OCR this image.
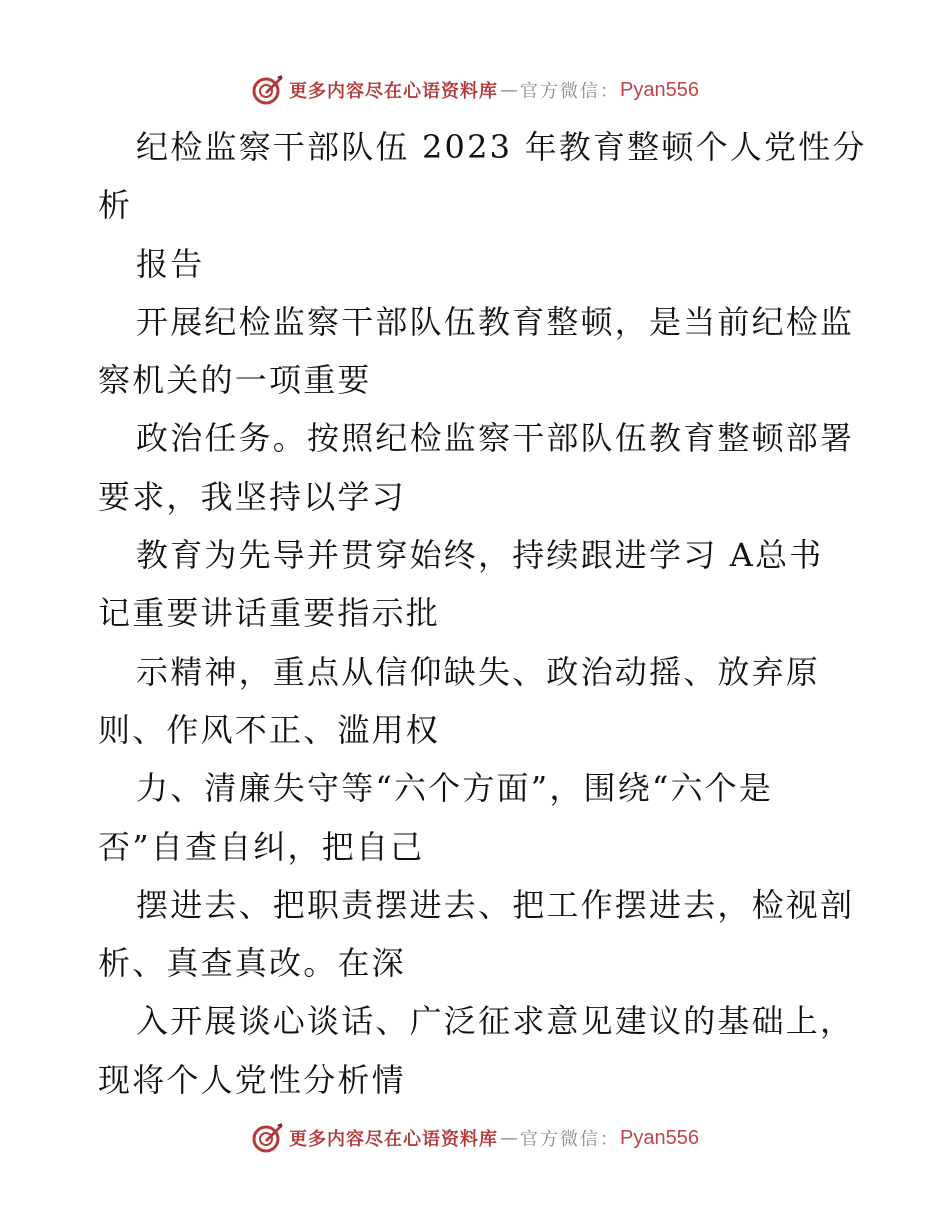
更多内容尽在心语资料库 — 官方微信： Pyan556
纪检监察干部队伍 2023 年教育整顿个人党性分
析
报告
开展纪检监察干部队伍教育整顿，是当前纪检监
察机关的一项重要
政治任务。按照纪检监察干部队伍教育整顿部署
要求，我坚持以学习
教育为先导并贯穿始终，持续跟进学习 A总书
记重要讲话重要指示批
示精神，重点从信仰缺失、政治动摇、放弃原
则、作风不正、滥用权
力、清廉失守等“六个方面”，围绕“六个是
否”自查自纠，把自己
摆进去、把职责摆进去、把工作摆进去，检视剖
析、真查真改。在深
入开展谈心谈话、广泛征求意见建议的基础上，
现将个人党性分析情
更多内容尽在心语资料库 — 官方微信： Pyan556
